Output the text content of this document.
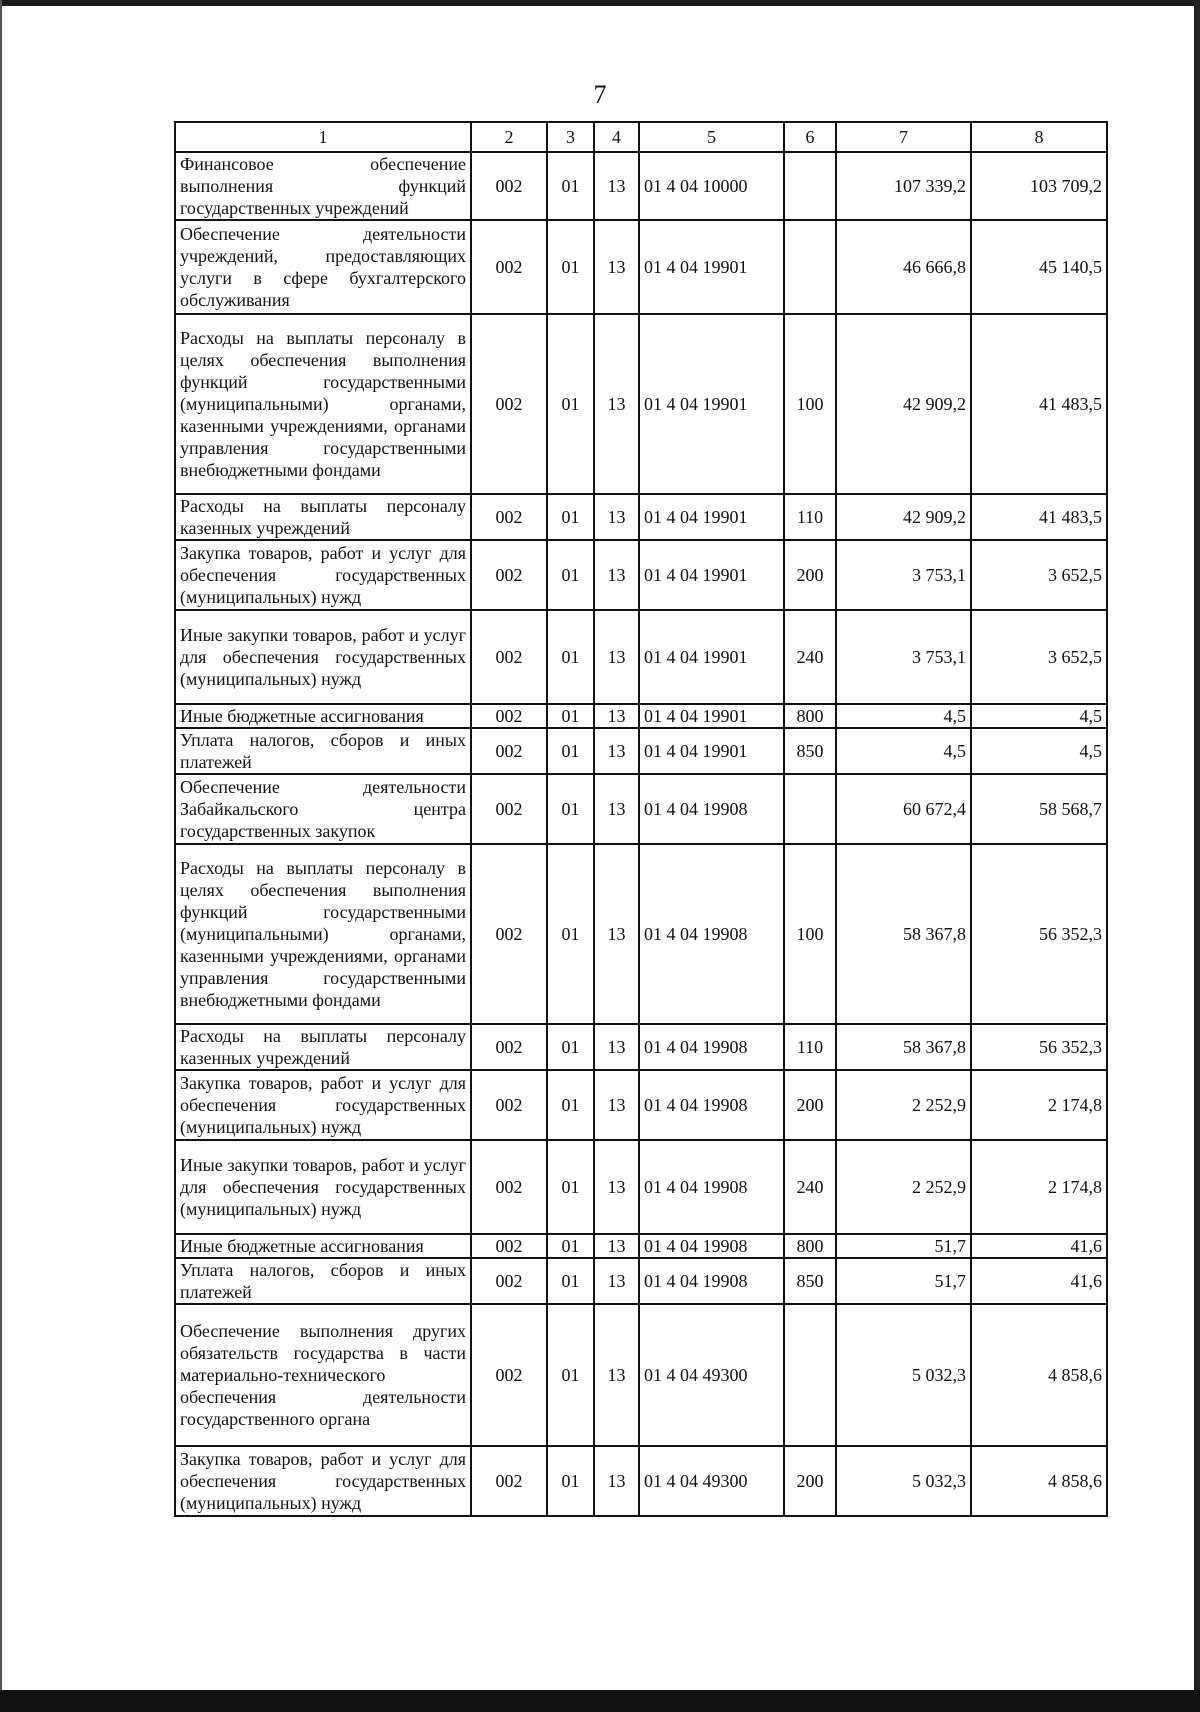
7
1	2	3	4	5	6	7	8
Финансовое обеспечение выполнения функций государственных учреждений	002	01	13	01 4 04 10000		107 339,2	103 709,2
Обеспечение деятельности учреждений, предоставляющих услуги в сфере бухгалтерского обслуживания	002	01	13	01 4 04 19901		46 666,8	45 140,5
Расходы на выплаты персоналу в целях обеспечения выполнения функций государственными (муниципальными) органами, казенными учреждениями, органами управления государственными внебюджетными фондами	002	01	13	01 4 04 19901	100	42 909,2	41 483,5
Расходы на выплаты персоналу казенных учреждений	002	01	13	01 4 04 19901	110	42 909,2	41 483,5
Закупка товаров, работ и услуг для обеспечения государственных (муниципальных) нужд	002	01	13	01 4 04 19901	200	3 753,1	3 652,5
Иные закупки товаров, работ и услуг для обеспечения государственных (муниципальных) нужд	002	01	13	01 4 04 19901	240	3 753,1	3 652,5
Иные бюджетные ассигнования	002	01	13	01 4 04 19901	800	4,5	4,5
Уплата налогов, сборов и иных платежей	002	01	13	01 4 04 19901	850	4,5	4,5
Обеспечение деятельности Забайкальского центра государственных закупок	002	01	13	01 4 04 19908		60 672,4	58 568,7
Расходы на выплаты персоналу в целях обеспечения выполнения функций государственными (муниципальными) органами, казенными учреждениями, органами управления государственными внебюджетными фондами	002	01	13	01 4 04 19908	100	58 367,8	56 352,3
Расходы на выплаты персоналу казенных учреждений	002	01	13	01 4 04 19908	110	58 367,8	56 352,3
Закупка товаров, работ и услуг для обеспечения государственных (муниципальных) нужд	002	01	13	01 4 04 19908	200	2 252,9	2 174,8
Иные закупки товаров, работ и услуг для обеспечения государственных (муниципальных) нужд	002	01	13	01 4 04 19908	240	2 252,9	2 174,8
Иные бюджетные ассигнования	002	01	13	01 4 04 19908	800	51,7	41,6
Уплата налогов, сборов и иных платежей	002	01	13	01 4 04 19908	850	51,7	41,6
Обеспечение выполнения других обязательств государства в части материально-технического обеспечения деятельности государственного органа	002	01	13	01 4 04 49300		5 032,3	4 858,6
Закупка товаров, работ и услуг для обеспечения государственных (муниципальных) нужд	002	01	13	01 4 04 49300	200	5 032,3	4 858,6
